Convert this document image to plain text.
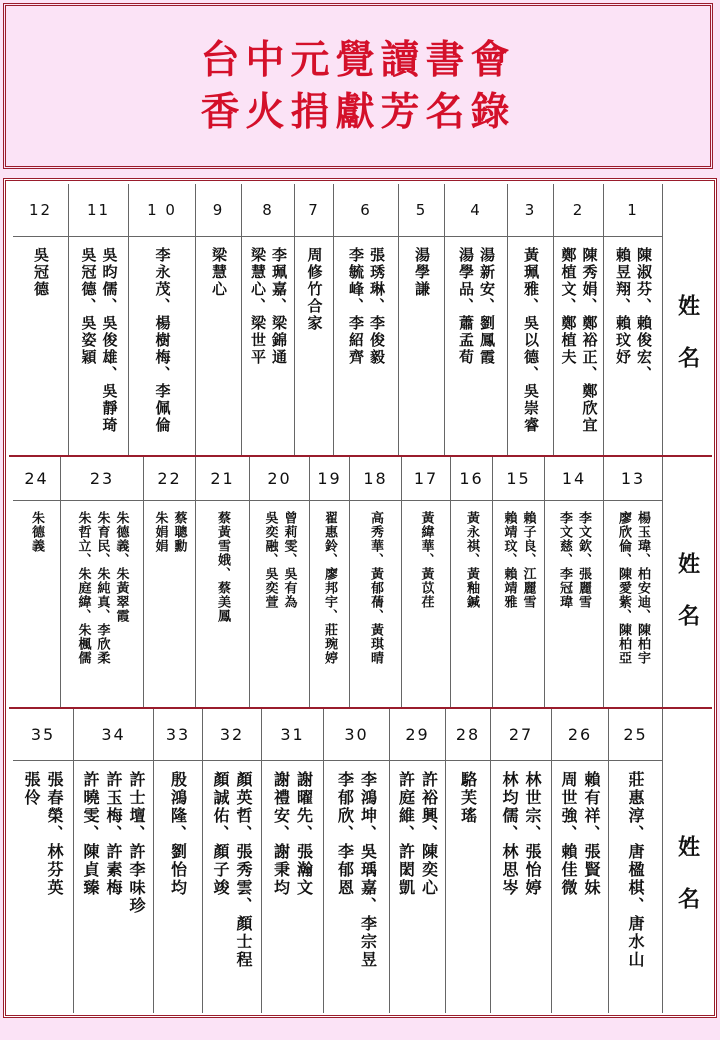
台中元覺讀書會
香火捐獻芳名錄
1
陳淑芬、賴俊宏、
賴昱翔、賴玟妤
2
陳秀娟、鄭裕正、鄭欣宜
鄭植文、鄭植夫
3
黃珮雅、吳以德、吳崇睿
4
湯新安、劉鳳霞
湯學品、蕭孟荀
5
湯學謙
6
張琇琳、李俊毅
李毓峰、李紹齊
7
周修竹合家
8
李珮嘉、梁錦通
梁慧心、梁世平
9
梁慧心
1 0
李永茂、楊樹梅、李佩倫
11
吳昀儒、吳俊雄、吳靜琦
吳冠德、吳姿穎
12
吳冠德
姓名
13
楊玉瑋、柏安迪、陳柏宇
廖欣倫、陳愛紫、陳柏亞
14
李文欽、張麗雪
李文慈、李冠瑋
15
賴子良、江麗雪
賴靖玟、賴靖雅
16
黃永祺、黃釉鍼
17
黃緯華、黃苡荏
18
高秀華、黃郁蒨、黃琪晴
19
翟惠鈴、廖邦宇、莊琬婷
20
曾莉雯、吳有為
吳奕融、吳奕萱
21
蔡黃雪娥、蔡美鳳
22
蔡聰勳
朱娟娟
23
朱德義、朱黃翠霞
朱育民、朱純真、李欣柔
朱哲立、朱庭緯、朱楓儒
24
朱德義
姓名
25
莊惠淳、唐楹棋、唐水山
26
賴有祥、張賢妹
周世強、賴佳微
27
林世宗、張怡婷
林均儒、林思岑
28
駱芙瑤
29
許裕興、陳奕心
許庭維、許閎凱
30
李鴻坤、吳瑀嘉、李宗昱
李郁欣、李郁恩
31
謝曜先、張瀚文
謝禮安、謝秉均
32
顏英哲、張秀雲、顏士程
顏誠佑、顏子竣
33
殷鴻隆、劉怡均
34
許士壇、許李味珍
許玉梅、許素梅
許曉雯、陳貞臻
35
張春榮、林芬英
張伶
姓名
